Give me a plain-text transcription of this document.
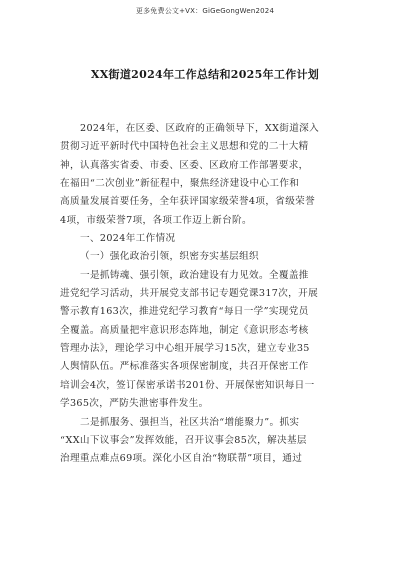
更多免费公文+VX：GiGeGongWen2024
XX街道2024年工作总结和2025年工作计划
2024年，在区委、区政府的正确领导下，XX街道深入
贯彻习近平新时代中国特色社会主义思想和党的二十大精
神，认真落实省委、市委、区委、区政府工作部署要求，
在福田“二次创业”新征程中，聚焦经济建设中心工作和
高质量发展首要任务，全年获评国家级荣誉4项，省级荣誉
4项，市级荣誉7项，各项工作迈上新台阶。
一、2024年工作情况
（一）强化政治引领，织密夯实基层组织
一是抓铸魂、强引领，政治建设有力见效。全覆盖推
进党纪学习活动，共开展党支部书记专题党课317次，开展
警示教育163次，推进党纪学习教育“每日一学”实现党员
全覆盖。高质量把牢意识形态阵地，制定《意识形态考核
管理办法》，理论学习中心组开展学习15次，建立专业35
人舆情队伍。严标准落实各项保密制度，共召开保密工作
培训会4次，签订保密承诺书201份、开展保密知识每日一
学365次，严防失泄密事件发生。
二是抓服务、强担当，社区共治“增能聚力”。抓实
“XX山下议事会”发挥效能，召开议事会85次，解决基层
治理重点难点69项。深化小区自治“物联帮”项目，通过
